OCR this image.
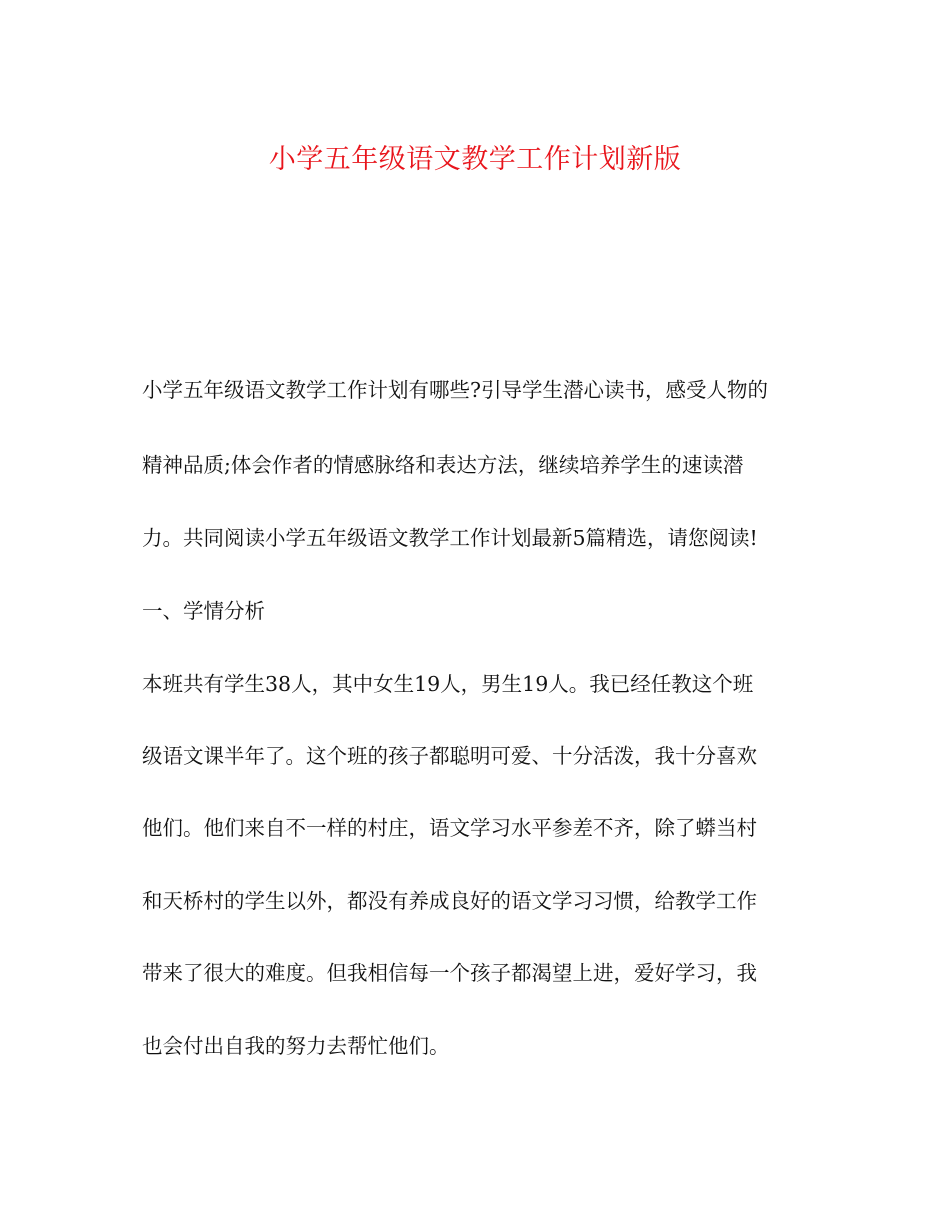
小学五年级语文教学工作计划新版
小学五年级语文教学工作计划有哪些?引导学生潜心读书，感受人物的
精神品质;体会作者的情感脉络和表达方法，继续培养学生的速读潜
力。共同阅读小学五年级语文教学工作计划最新5篇精选，请您阅读!
一、学情分析
本班共有学生38人，其中女生19人，男生19人。我已经任教这个班
级语文课半年了。这个班的孩子都聪明可爱、十分活泼，我十分喜欢
他们。他们来自不一样的村庄，语文学习水平参差不齐，除了蟒当村
和天桥村的学生以外，都没有养成良好的语文学习习惯，给教学工作
带来了很大的难度。但我相信每一个孩子都渴望上进，爱好学习，我
也会付出自我的努力去帮忙他们。
